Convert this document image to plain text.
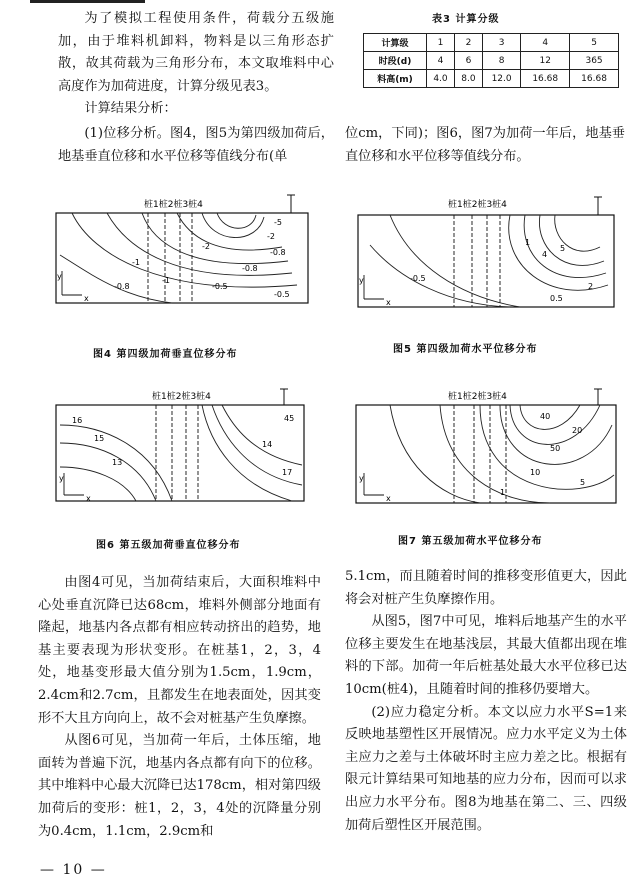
为了模拟工程使用条件，荷载分五级施加，由于堆料机卸料，物料是以三角形态扩散，故其荷载为三角形分布，本文取堆料中心高度作为加荷进度，计算分级见表3。

计算结果分析：

表3 计算分级
计算级	1	2	3	4	5
时段(d)	4	6	8	12	365
料高(m)	4.0	8.0	12.0	16.68	16.68
(1)位移分析。图4，图5为第四级加荷后，地基垂直位移和水平位移等值线分布(单
位cm，下同)；图6，图7为加荷一年后，地基垂直位移和水平位移等值线分布。
桩1桩2桩3桩4
-5
-1
-0.8
-2
-2
-0.8
-0.5
-1
-0.8
-0.5
y
x
图4 第四级加荷垂直位移分布
桩1桩2桩3桩4
-0.5
1
4
5
2
0.5
y
x
图5 第四级加荷水平位移分布
桩1桩2桩3桩4
16
15
13
45
14
17
y
x
图6 第五级加荷垂直位移分布
桩1桩2桩3桩4
40
20
50
10
5
1
y
x
图7 第五级加荷水平位移分布

由图4可见，当加荷结束后，大面积堆料中心处垂直沉降已达68cm，堆料外侧部分地面有隆起，地基内各点都有相应转动挤出的趋势，地基主要表现为形状变形。在桩基1，2，3，4处，地基变形最大值分别为1.5cm，1.9cm，2.4cm和2.7cm，且都发生在地表面处，因其变形不大且方向向上，故不会对桩基产生负摩擦。

从图6可见，当加荷一年后，土体压缩，地面转为普遍下沉，地基内各点都有向下的位移。其中堆料中心最大沉降已达178cm，相对第四级加荷后的变形：桩1，2，3，4处的沉降量分别为0.4cm，1.1cm，2.9cm和

5.1cm，而且随着时间的推移变形值更大，因此将会对桩产生负摩擦作用。

从图5，图7中可见，堆料后地基产生的水平位移主要发生在地基浅层，其最大值都出现在堆料的下部。加荷一年后桩基处最大水平位移已达10cm(桩4)，且随着时间的推移仍要增大。

(2)应力稳定分析。本文以应力水平S=1来反映地基塑性区开展情况。应力水平定义为土体主应力之差与土体破坏时主应力差之比。根据有限元计算结果可知地基的应力分布，因而可以求出应力水平分布。图8为地基在第二、三、四级加荷后塑性区开展范围。

— 10 —
